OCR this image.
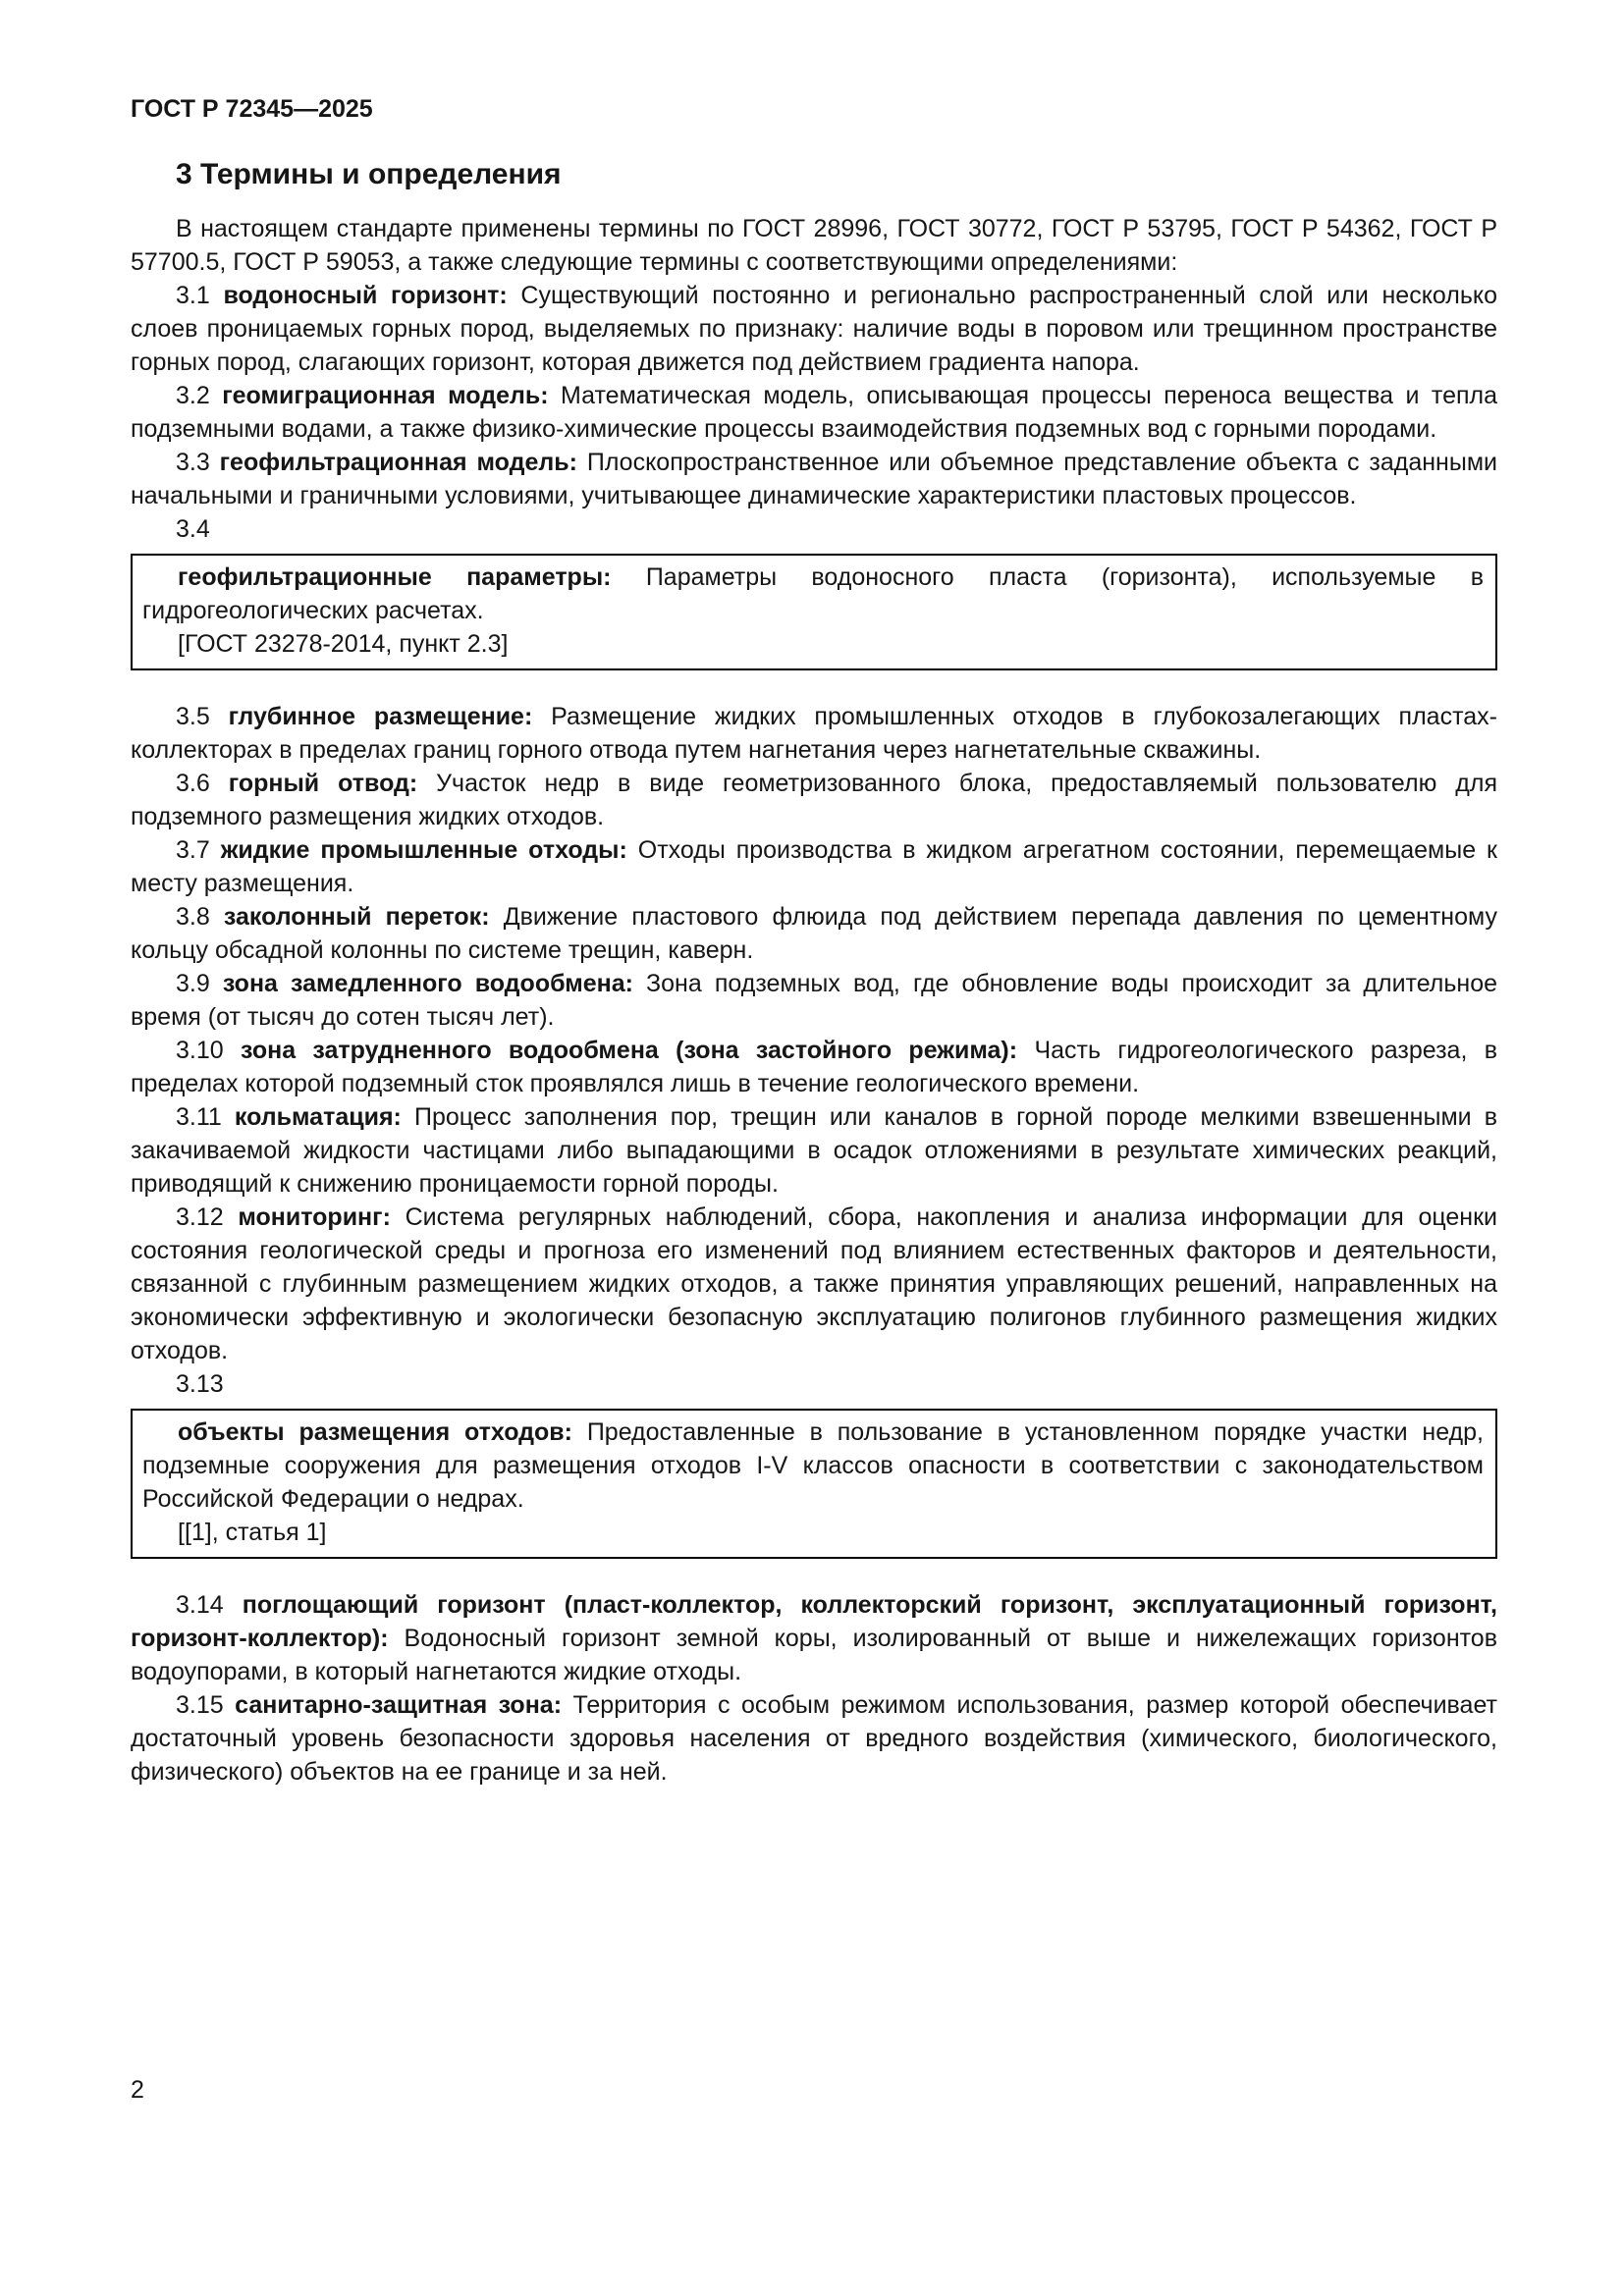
ГОСТ Р 72345—2025

3 Термины и определения

В настоящем стандарте применены термины по ГОСТ 28996, ГОСТ 30772, ГОСТ Р 53795, ГОСТ Р 54362, ГОСТ Р 57700.5, ГОСТ Р 59053, а также следующие термины с соответствующими определениями:

3.1 водоносный горизонт: Существующий постоянно и регионально распространенный слой или несколько слоев проницаемых горных пород, выделяемых по признаку: наличие воды в поровом или трещинном пространстве горных пород, слагающих горизонт, которая движется под действием градиента напора.

3.2 геомиграционная модель: Математическая модель, описывающая процессы переноса вещества и тепла подземными водами, а также физико-химические процессы взаимодействия подземных вод с горными породами.

3.3 геофильтрационная модель: Плоскопространственное или объемное представление объекта с заданными начальными и граничными условиями, учитывающее динамические характеристики пластовых процессов.

3.4

геофильтрационные параметры: Параметры водоносного пласта (горизонта), используемые в гидрогеологических расчетах.

[ГОСТ 23278-2014, пункт 2.3]

3.5 глубинное размещение: Размещение жидких промышленных отходов в глубокозалегающих пластах-коллекторах в пределах границ горного отвода путем нагнетания через нагнетательные скважины.

3.6 горный отвод: Участок недр в виде геометризованного блока, предоставляемый пользователю для подземного размещения жидких отходов.

3.7 жидкие промышленные отходы: Отходы производства в жидком агрегатном состоянии, перемещаемые к месту размещения.

3.8 заколонный переток: Движение пластового флюида под действием перепада давления по цементному кольцу обсадной колонны по системе трещин, каверн.

3.9 зона замедленного водообмена: Зона подземных вод, где обновление воды происходит за длительное время (от тысяч до сотен тысяч лет).

3.10 зона затрудненного водообмена (зона застойного режима): Часть гидрогеологического разреза, в пределах которой подземный сток проявлялся лишь в течение геологического времени.

3.11 кольматация: Процесс заполнения пор, трещин или каналов в горной породе мелкими взвешенными в закачиваемой жидкости частицами либо выпадающими в осадок отложениями в результате химических реакций, приводящий к снижению проницаемости горной породы.

3.12 мониторинг: Система регулярных наблюдений, сбора, накопления и анализа информации для оценки состояния геологической среды и прогноза его изменений под влиянием естественных факторов и деятельности, связанной с глубинным размещением жидких отходов, а также принятия управляющих решений, направленных на экономически эффективную и экологически безопасную эксплуатацию полигонов глубинного размещения жидких отходов.

3.13

объекты размещения отходов: Предоставленные в пользование в установленном порядке участки недр, подземные сооружения для размещения отходов I-V классов опасности в соответствии с законодательством Российской Федерации о недрах.

[[1], статья 1]

3.14 поглощающий горизонт (пласт-коллектор, коллекторский горизонт, эксплуатационный горизонт, горизонт-коллектор): Водоносный горизонт земной коры, изолированный от выше и нижележащих горизонтов водоупорами, в который нагнетаются жидкие отходы.

3.15 санитарно-защитная зона: Территория с особым режимом использования, размер которой обеспечивает достаточный уровень безопасности здоровья населения от вредного воздействия (химического, биологического, физического) объектов на ее границе и за ней.

2
